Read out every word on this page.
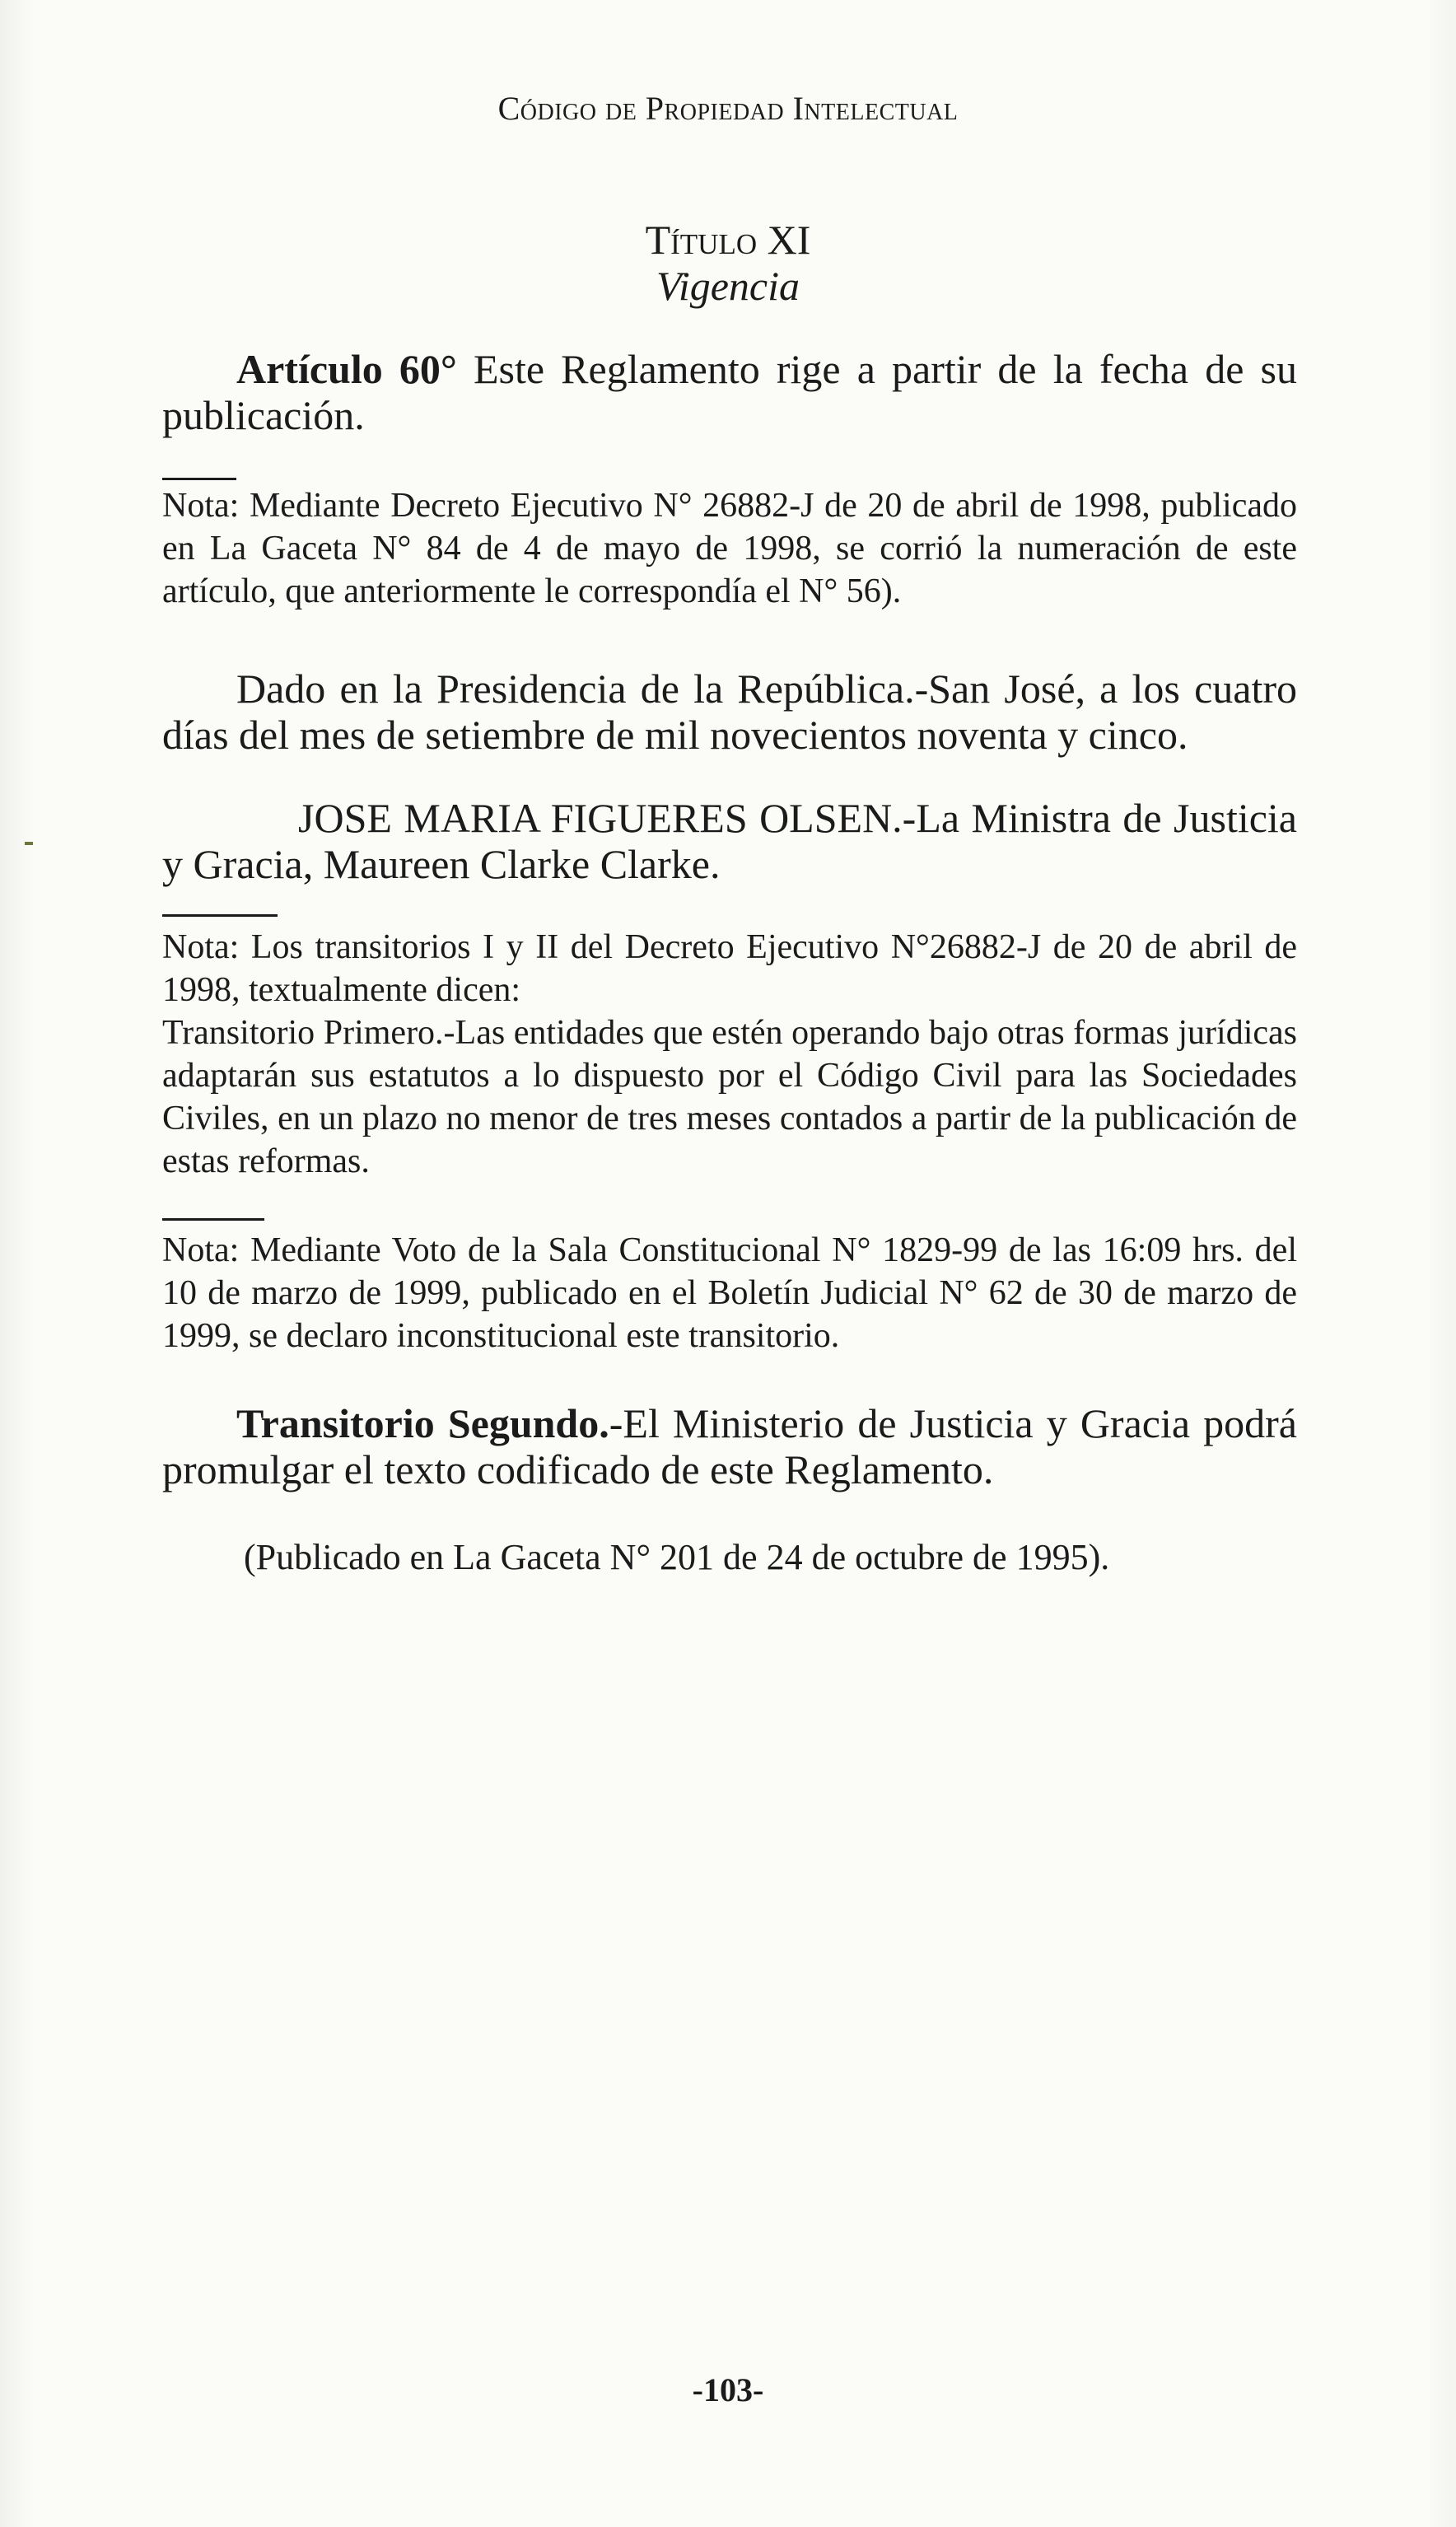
Código de Propiedad Intelectual
Título XI
Vigencia

Artículo 60° Este Reglamento rige a partir de la fecha de su publicación.

Nota: Mediante Decreto Ejecutivo N° 26882-J de 20 de abril de 1998, publicado en La Gaceta N° 84 de 4 de mayo de 1998, se corrió la numeración de este artículo, que anteriormente le correspondía el N° 56).

Dado en la Presidencia de la República.-San José, a los cuatro días del mes de setiembre de mil novecientos noventa y cinco.

JOSE MARIA FIGUERES OLSEN.-La Ministra de Justicia y Gracia, Maureen Clarke Clarke.

Nota: Los transitorios I y II del Decreto Ejecutivo N°26882-J de 20 de abril de 1998, textualmente dicen:

Transitorio Primero.-Las entidades que estén operando bajo otras formas jurídicas adaptarán sus estatutos a lo dispuesto por el Código Civil para las Sociedades Civiles, en un plazo no menor de tres meses contados a partir de la publicación de estas reformas.

Nota: Mediante Voto de la Sala Constitucional N° 1829-99 de las 16:09 hrs. del 10 de marzo de 1999, publicado en el Boletín Judicial N° 62 de 30 de marzo de 1999, se declaro inconstitucional este transitorio.

Transitorio Segundo.-El Ministerio de Justicia y Gracia podrá promulgar el texto codificado de este Reglamento.

(Publicado en La Gaceta N° 201 de 24 de octubre de 1995).
-103-
